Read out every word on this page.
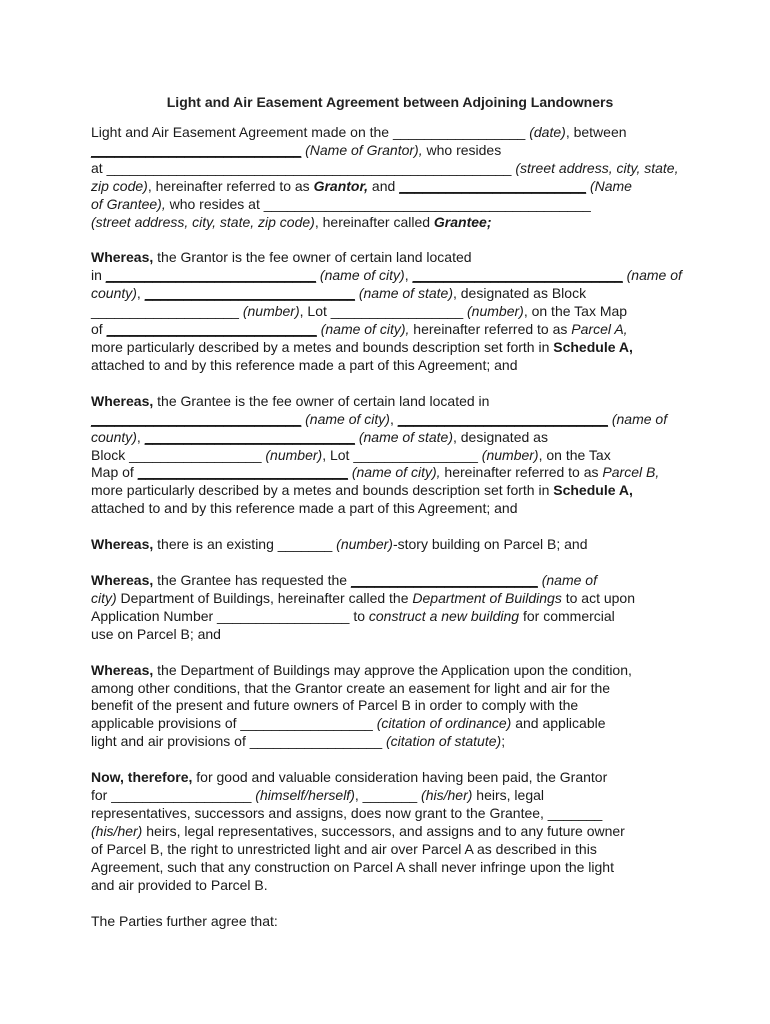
Light and Air Easement Agreement between Adjoining Landowners

Light and Air Easement Agreement made on the _________________ (date), between
___________________________ (Name of Grantor), who resides
at ____________________________________________________ (street address, city, state,
zip code), hereinafter referred to as Grantor, and ________________________ (Name
of Grantee), who resides at __________________________________________
(street address, city, state, zip code), hereinafter called Grantee;

Whereas, the Grantor is the fee owner of certain land located
in ___________________________ (name of city), ___________________________ (name of
county), ___________________________ (name of state), designated as Block
___________________ (number), Lot _________________ (number), on the Tax Map
of ___________________________ (name of city), hereinafter referred to as Parcel A,
more particularly described by a metes and bounds description set forth in Schedule A,
attached to and by this reference made a part of this Agreement; and

Whereas, the Grantee is the fee owner of certain land located in
___________________________ (name of city), ___________________________ (name of
county), ___________________________ (name of state), designated as
Block _________________ (number), Lot ________________ (number), on the Tax
Map of ___________________________ (name of city), hereinafter referred to as Parcel B,
more particularly described by a metes and bounds description set forth in Schedule A,
attached to and by this reference made a part of this Agreement; and

Whereas, there is an existing _______ (number)-story building on Parcel B; and

Whereas, the Grantee has requested the ________________________ (name of
city) Department of Buildings, hereinafter called the Department of Buildings to act upon
Application Number _________________ to construct a new building for commercial
use on Parcel B; and

Whereas, the Department of Buildings may approve the Application upon the condition,
among other conditions, that the Grantor create an easement for light and air for the
benefit of the present and future owners of Parcel B in order to comply with the
applicable provisions of _________________ (citation of ordinance) and applicable
light and air provisions of _________________ (citation of statute);

Now, therefore, for good and valuable consideration having been paid, the Grantor
for __________________ (himself/herself), _______ (his/her) heirs, legal
representatives, successors and assigns, does now grant to the Grantee, _______
(his/her) heirs, legal representatives, successors, and assigns and to any future owner
of Parcel B, the right to unrestricted light and air over Parcel A as described in this
Agreement, such that any construction on Parcel A shall never infringe upon the light
and air provided to Parcel B.

The Parties further agree that:
